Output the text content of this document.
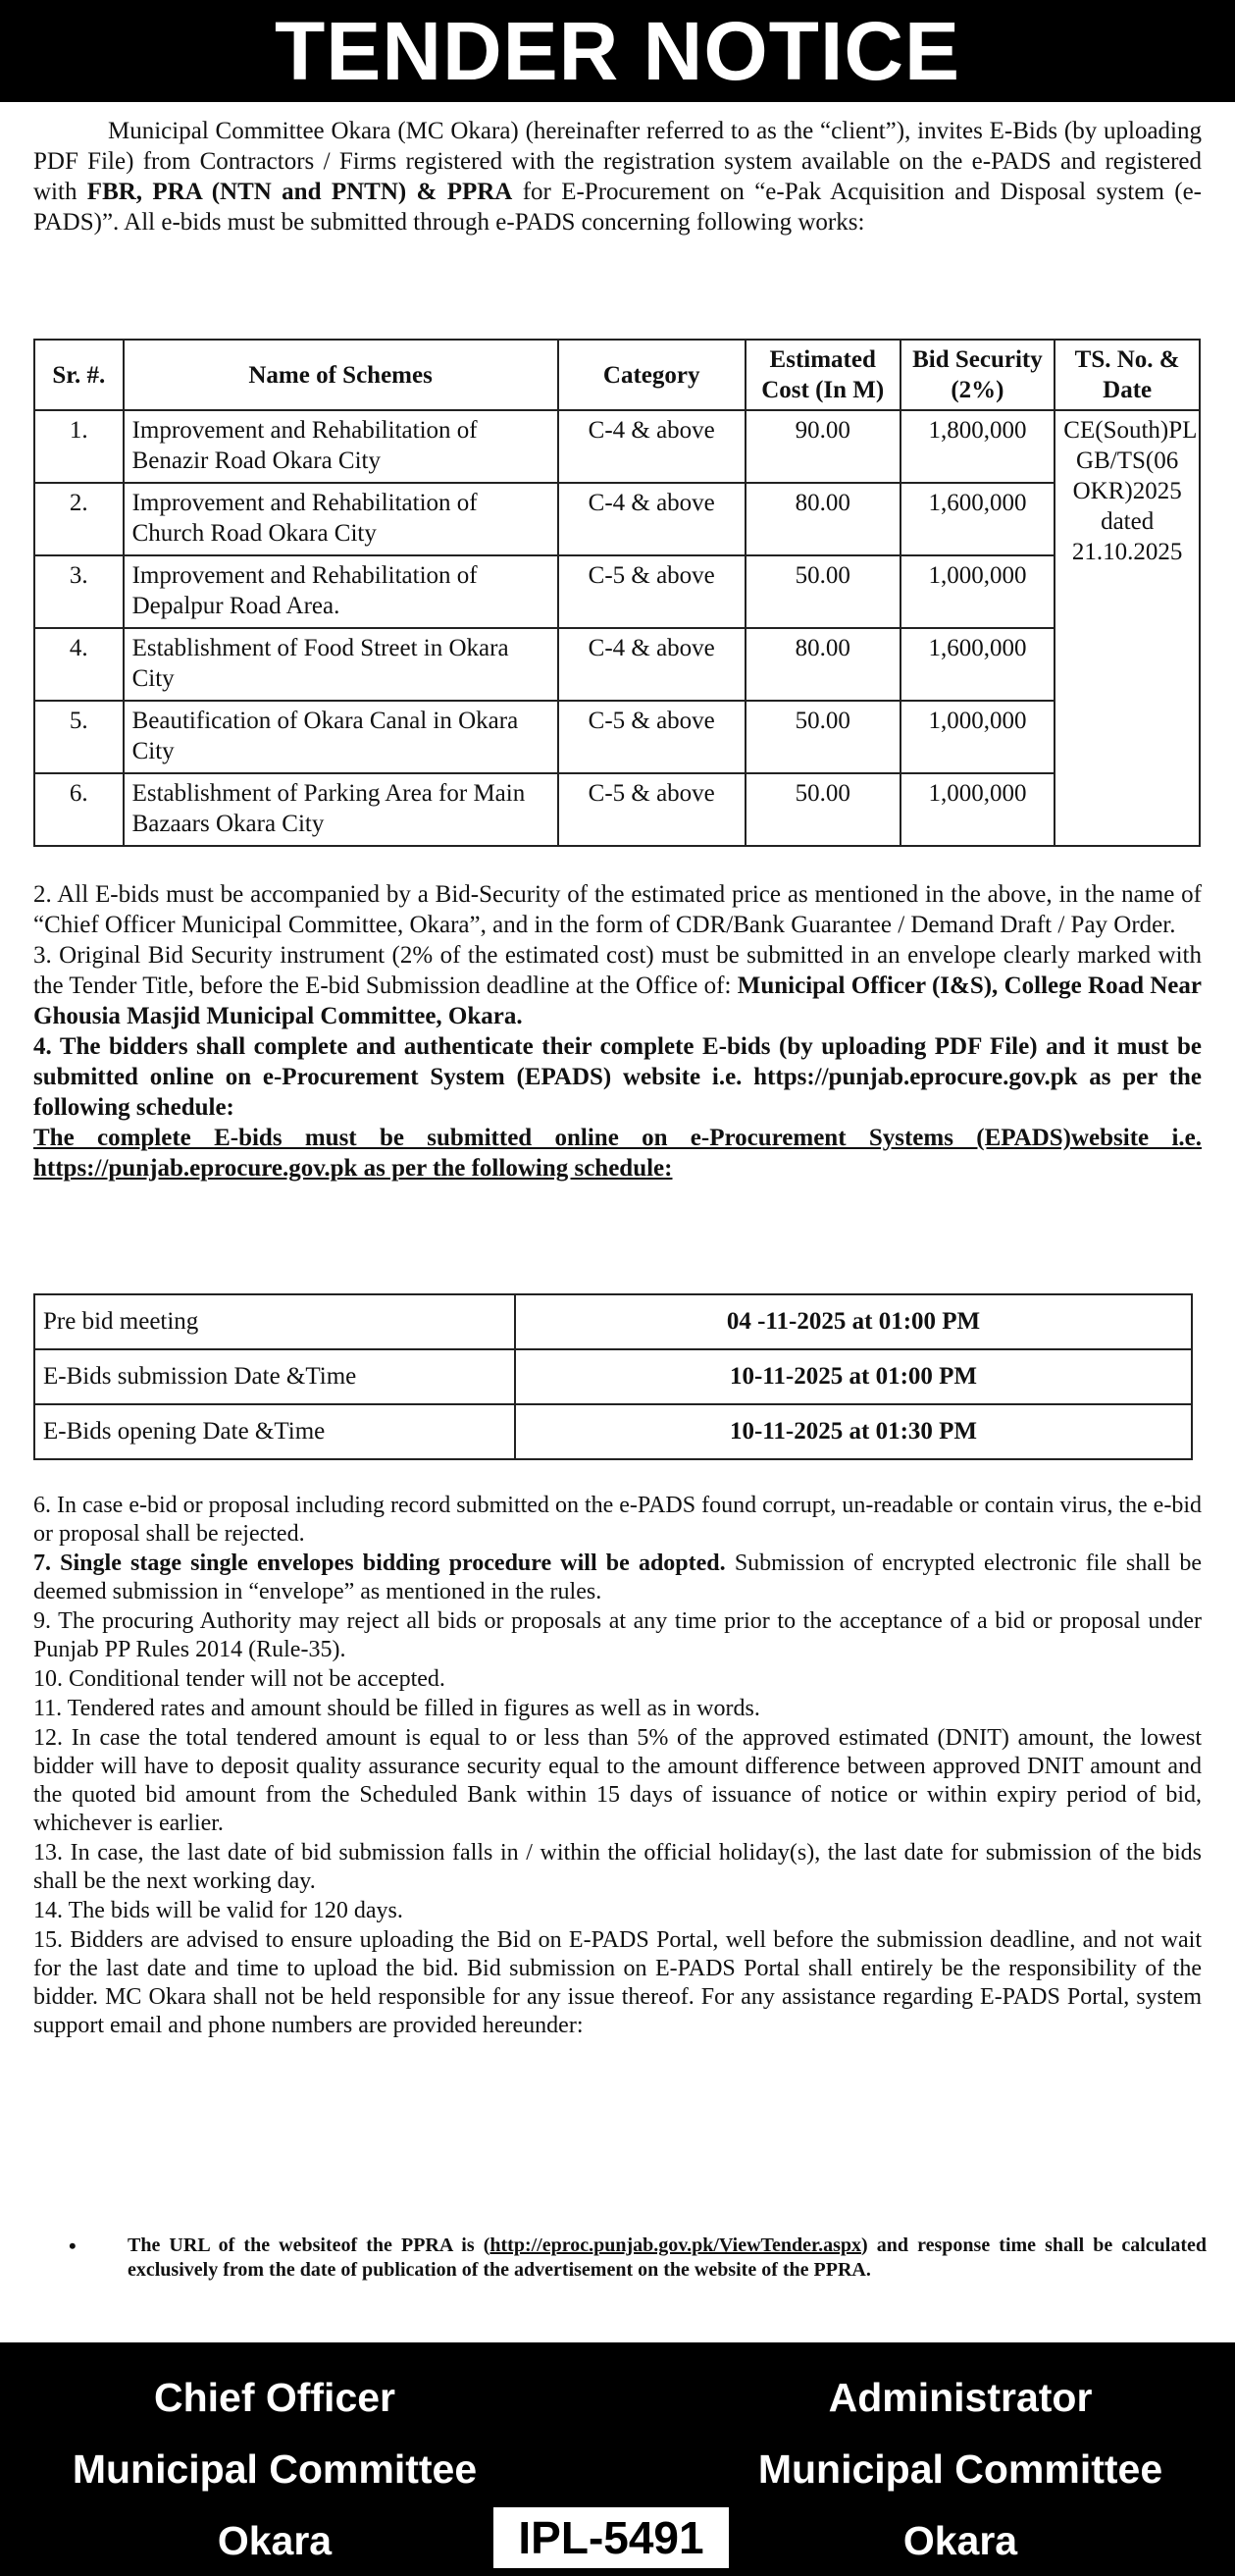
TENDER NOTICE

Municipal Committee Okara (MC Okara) (hereinafter referred to as the “client”), invites E-Bids (by uploading PDF File) from Contractors / Firms registered with the registration system available on the e-PADS and registered with FBR, PRA (NTN and PNTN) & PPRA for E-Procurement on “e-Pak Acquisition and Disposal system (e-PADS)”. All e-bids must be submitted through e-PADS concerning following works:

Sr. #.	Name of Schemes	Category	Estimated Cost (In M)	Bid Security (2%)	TS. No. & Date
1.	Improvement and Rehabilitation of Benazir Road Okara City	C-4 & above	90.00	1,800,000	CE(South)PL GB/TS(06 OKR)2025 dated 21.10.2025
2.	Improvement and Rehabilitation of Church Road Okara City	C-4 & above	80.00	1,600,000	
3.	Improvement and Rehabilitation of Depalpur Road Area.	C-5 & above	50.00	1,000,000	
4.	Establishment of Food Street in Okara City	C-4 & above	80.00	1,600,000	
5.	Beautification of Okara Canal in Okara City	C-5 & above	50.00	1,000,000	
6.	Establishment of Parking Area for Main Bazaars Okara City	C-5 & above	50.00	1,000,000	

2. All E-bids must be accompanied by a Bid-Security of the estimated price as mentioned in the above, in the name of “Chief Officer Municipal Committee, Okara”, and in the form of CDR/Bank Guarantee / Demand Draft / Pay Order.

3. Original Bid Security instrument (2% of the estimated cost) must be submitted in an envelope clearly marked with the Tender Title, before the E-bid Submission deadline at the Office of: Municipal Officer (I&S), College Road Near Ghousia Masjid Municipal Committee, Okara.

4. The bidders shall complete and authenticate their complete E-bids (by uploading PDF File) and it must be submitted online on e-Procurement System (EPADS) website i.e. https://punjab.eprocure.gov.pk as per the following schedule:

The complete E-bids must be submitted online on e-Procurement Systems (EPADS)website i.e. https://punjab.eprocure.gov.pk as per the following schedule:

Pre bid meeting	04 -11-2025 at 01:00 PM
E-Bids submission Date &Time	10-11-2025 at 01:00 PM
E-Bids opening Date &Time	10-11-2025 at 01:30 PM

6. In case e-bid or proposal including record submitted on the e-PADS found corrupt, un-readable or contain virus, the e-bid or proposal shall be rejected.

7. Single stage single envelopes bidding procedure will be adopted. Submission of encrypted electronic file shall be deemed submission in “envelope” as mentioned in the rules.

9. The procuring Authority may reject all bids or proposals at any time prior to the acceptance of a bid or proposal under Punjab PP Rules 2014 (Rule-35).

10. Conditional tender will not be accepted.

11. Tendered rates and amount should be filled in figures as well as in words.

12. In case the total tendered amount is equal to or less than 5% of the approved estimated (DNIT) amount, the lowest bidder will have to deposit quality assurance security equal to the amount difference between approved DNIT amount and the quoted bid amount from the Scheduled Bank within 15 days of issuance of notice or within expiry period of bid, whichever is earlier.

13. In case, the last date of bid submission falls in / within the official holiday(s), the last date for submission of the bids shall be the next working day.

14. The bids will be valid for 120 days.

15. Bidders are advised to ensure uploading the Bid on E-PADS Portal, well before the submission deadline, and not wait for the last date and time to upload the bid. Bid submission on E-PADS Portal shall entirely be the responsibility of the bidder. MC Okara shall not be held responsible for any issue thereof. For any assistance regarding E-PADS Portal, system support email and phone numbers are provided hereunder:

•	The URL of the websiteof the PPRA is (http://eproc.punjab.gov.pk/ViewTender.aspx) and response time shall be calculated exclusively from the date of publication of the advertisement on the website of the PPRA.

Chief Officer
Municipal Committee
Okara
Administrator
Municipal Committee
Okara
IPL-5491
